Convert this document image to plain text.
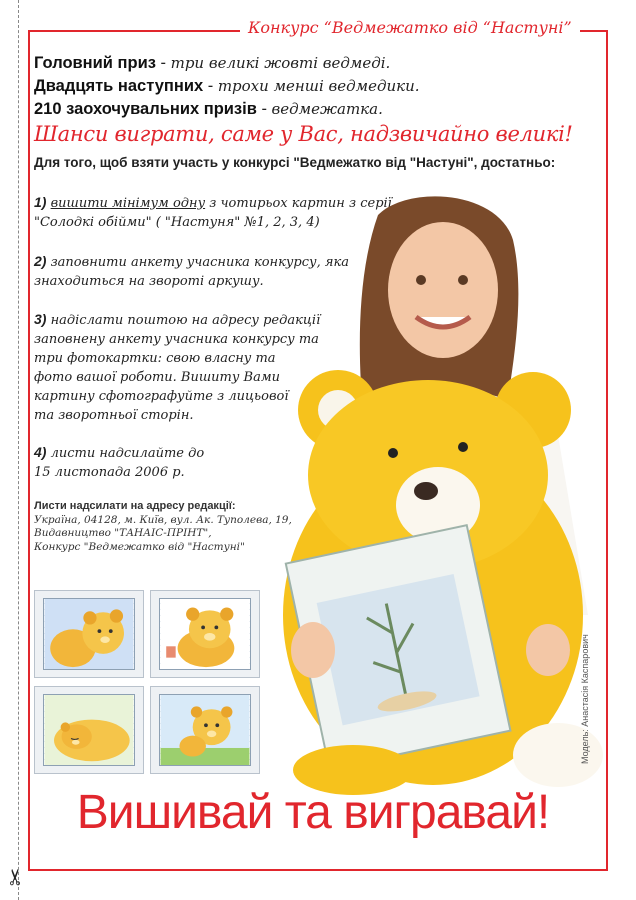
✂
Конкурс “Ведмежатко від “Настуні”
Головний приз - три великі жовті ведмеді.
Двадцять наступних - трохи менші ведмедики.
210 заохочувальних призів - ведмежатка.
Шанси виграти, саме у Вас, надзвичайно великі!
Для того, щоб взяти участь у конкурсі "Ведмежатко від "Настуні", достатньо:
1) вишити мінімум одну з чотирьох картин з серії
"Солодкі обійми" ( "Настуня" №1, 2, 3, 4)
2) заповнити анкету учасника конкурсу, яка
знаходиться на звороті аркушу.
3) надіслати поштою на адресу редакції
заповнену анкету учасника конкурсу та
три фотокартки: свою власну та
фото вашої роботи. Вишиту Вами
картину сфотографуйте з лицьової
та зворотньої сторін.
4) листи надсилайте до
15 листопада 2006 р.
Листи надсилати на адресу редакції:
Україна, 04128, м. Київ, вул. Ак. Туполева, 19,
Видавництво "ТАНАІС-ПРІНТ",
Конкурс "Ведмежатко від "Настуні"
Модель: Анастасія Каспарович
Вишивай та вигравай!
